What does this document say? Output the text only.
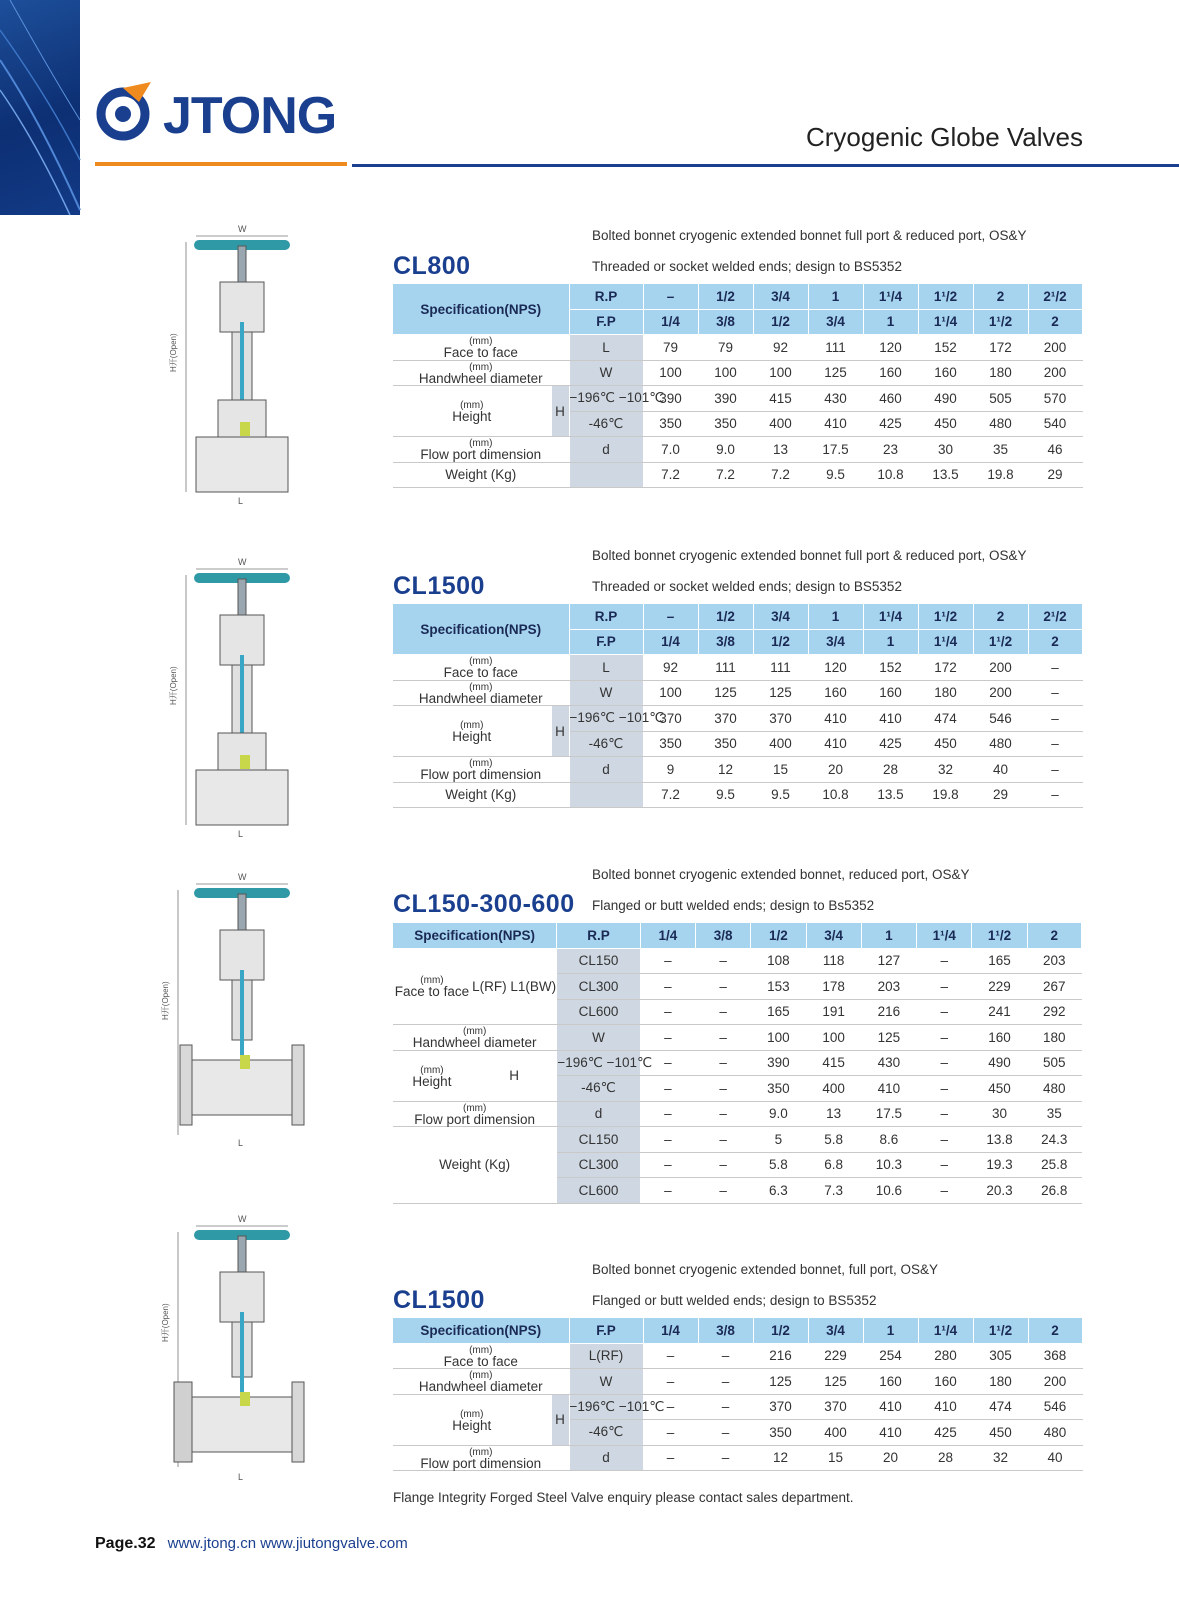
JTONG	Cryogenic Globe Valves
W
H开(Open)
L
W
H开(Open)
L
W
H开(Open)
L
W
H开(Open)
L
Bolted bonnet cryogenic extended bonnet full port & reduced port, OS&Y
CL800	Threaded or socket welded ends; design to BS5352
Specification(NPS)		R.P	–	1/2	3/4	1	1¹/4	1¹/2	2	2¹/2
		F.P	1/4	3/8	1/2	3/4	1	1¹/4	1¹/2	2

(mm)
Face to face		L	79	79	92	111	120	152	172	200

(mm)
Handwheel diameter		W	100	100	100	125	160	160	180	200

(mm)
Height	H	−196℃ −101℃	390	390	415	430	460	490	505	570
		-46℃	350	350	400	410	425	450	480	540

(mm)
Flow port dimension		d	7.0	9.0	13	17.5	23	30	35	46
Weight (Kg)			7.2	7.2	7.2	9.5	10.8	13.5	19.8	29
Bolted bonnet cryogenic extended bonnet full port & reduced port, OS&Y
CL1500	Threaded or socket welded ends; design to BS5352
Specification(NPS)		R.P	–	1/2	3/4	1	1¹/4	1¹/2	2	2¹/2
		F.P	1/4	3/8	1/2	3/4	1	1¹/4	1¹/2	2

(mm)
Face to face		L	92	111	111	120	152	172	200	–

(mm)
Handwheel diameter		W	100	125	125	160	160	180	200	–

(mm)
Height	H	−196℃ −101℃	370	370	370	410	410	474	546	–
		-46℃	350	350	400	410	425	450	480	–

(mm)
Flow port dimension		d	9	12	15	20	28	32	40	–
Weight (Kg)			7.2	9.5	9.5	10.8	13.5	19.8	29	–
Bolted bonnet cryogenic extended bonnet, reduced port, OS&Y
CL150-300-600 Flanged or butt welded ends; design to Bs5352
Specification(NPS)		R.P	1/4	3/8	1/2	3/4	1	1¹/4	1¹/2	2

(mm)
Face to face	L(RF) L1(BW)	CL150	–	–	108	118	127	–	165	203
		CL300	–	–	153	178	203	–	229	267
		CL600	–	–	165	191	216	–	241	292

(mm)
Handwheel diameter		W	–	–	100	100	125	–	160	180

(mm)
Height	H	−196℃ −101℃	–	–	390	415	430	–	490	505
		-46℃	–	–	350	400	410	–	450	480

(mm)
Flow port dimension		d	–	–	9.0	13	17.5	–	30	35
Weight (Kg)		CL150	–	–	5	5.8	8.6	–	13.8	24.3
		CL300	–	–	5.8	6.8	10.3	–	19.3	25.8
		CL600	–	–	6.3	7.3	10.6	–	20.3	26.8
Bolted bonnet cryogenic extended bonnet, full port, OS&Y
CL1500	Flanged or butt welded ends; design to BS5352
Specification(NPS)		F.P	1/4	3/8	1/2	3/4	1	1¹/4	1¹/2	2

(mm)
Face to face		L(RF)	–	–	216	229	254	280	305	368

(mm)
Handwheel diameter		W	–	–	125	125	160	160	180	200

(mm)
Height	H	−196℃ −101℃	–	–	370	370	410	410	474	546
		-46℃	–	–	350	400	410	425	450	480

(mm)
Flow port dimension		d	–	–	12	15	20	28	32	40
Flange Integrity Forged Steel Valve enquiry please contact sales department.
Page.32 www.jtong.cn www.jiutongvalve.com
